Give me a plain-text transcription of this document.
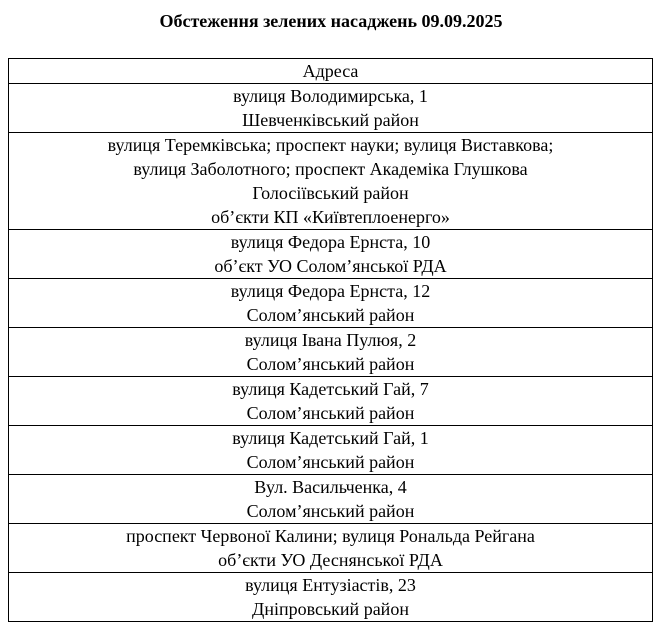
Обстеження зелених насаджень 09.09.2025
Адреса

вулиця Володимирська, 1
Шевченківський район

вулиця Теремківська; проспект науки; вулиця Виставкова;
вулиця Заболотного; проспект Академіка Глушкова
Голосіївський район
об’єкти КП «Київтеплоенерго»

вулиця Федора Ернста, 10
об’єкт УО Солом’янської РДА

вулиця Федора Ернста, 12
Солом’янський район

вулиця Івана Пулюя, 2
Солом’янський район

вулиця Кадетський Гай, 7
Солом’янський район

вулиця Кадетський Гай, 1
Солом’янський район

Вул. Васильченка, 4
Солом’янський район

проспект Червоної Калини; вулиця Рональда Рейгана
об’єкти УО Деснянської РДА

вулиця Ентузіастів, 23
Дніпровський район
